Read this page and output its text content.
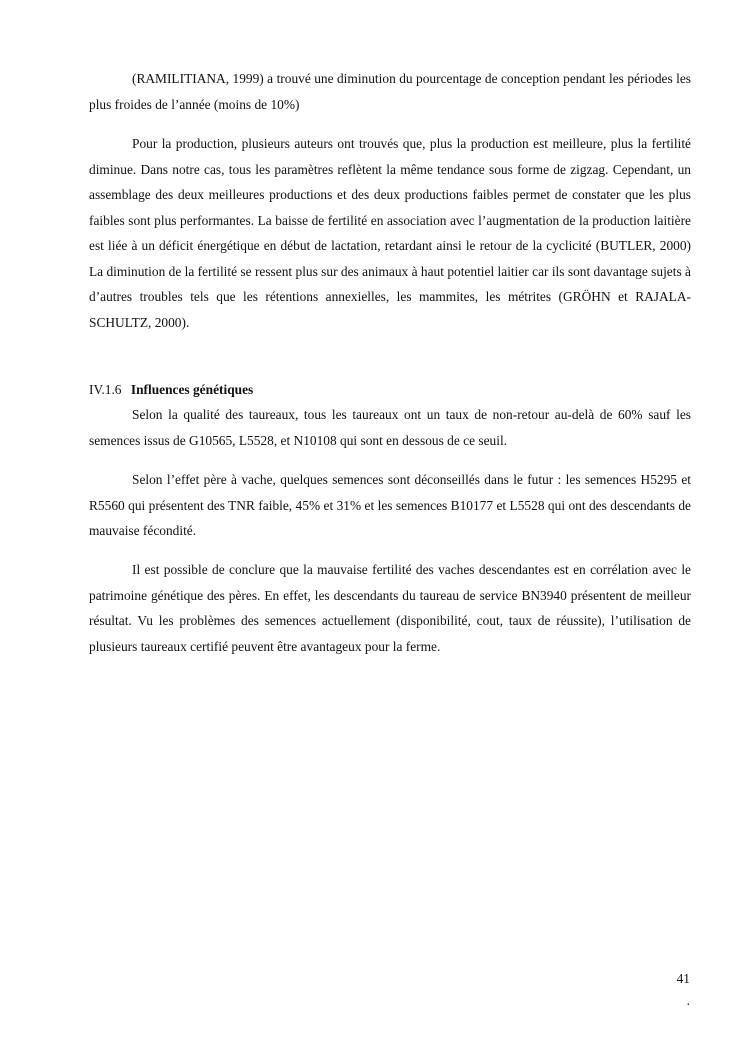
(RAMILITIANA, 1999) a trouvé une diminution du pourcentage de conception pendant les périodes les plus froides de l’année (moins de 10%)

Pour la production, plusieurs auteurs ont trouvés que, plus la production est meilleure, plus la fertilité diminue. Dans notre cas, tous les paramètres reflètent la même tendance sous forme de zigzag. Cependant, un assemblage des deux meilleures productions et des deux productions faibles permet de constater que les plus faibles sont plus performantes. La baisse de fertilité en association avec l’augmentation de la production laitière est liée à un déficit énergétique en début de lactation, retardant ainsi le retour de la cyclicité (BUTLER, 2000) La diminution de la fertilité se ressent plus sur des animaux à haut potentiel laitier car ils sont davantage sujets à d’autres troubles tels que les rétentions annexielles, les mammites, les métrites (GRÖHN et RAJALA-SCHULTZ, 2000).

IV.1.6 Influences génétiques

Selon la qualité des taureaux, tous les taureaux ont un taux de non-retour au-delà de 60% sauf les semences issus de G10565, L5528, et N10108 qui sont en dessous de ce seuil.

Selon l’effet père à vache, quelques semences sont déconseillés dans le futur : les semences H5295 et R5560 qui présentent des TNR faible, 45% et 31% et les semences B10177 et L5528 qui ont des descendants de mauvaise fécondité.

Il est possible de conclure que la mauvaise fertilité des vaches descendantes est en corrélation avec le patrimoine génétique des pères. En effet, les descendants du taureau de service BN3940 présentent de meilleur résultat. Vu les problèmes des semences actuellement (disponibilité, cout, taux de réussite), l’utilisation de plusieurs taureaux certifié peuvent être avantageux pour la ferme.

41
.
